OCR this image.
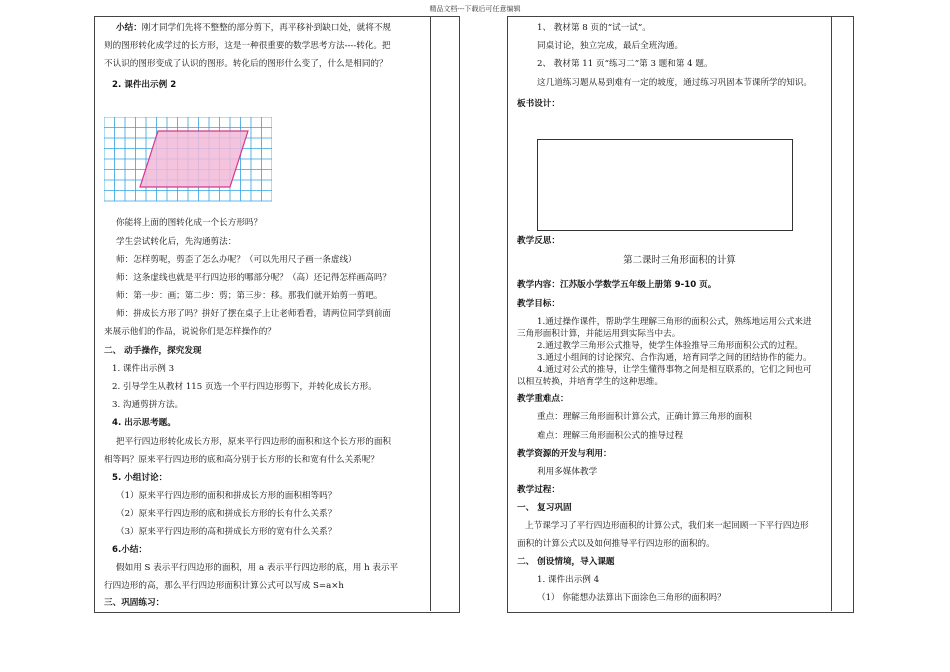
精品文档---下载后可任意编辑
小结：刚才同学们先将不整整的部分剪下，再平移补到缺口处，就将不规
则的图形转化成学过的长方形，这是一种很重要的数学思考方法----转化。把
不认识的图形变成了认识的图形。转化后的图形什么变了，什么是相同的？
2. 课件出示例 2
你能将上面的图转化成一个长方形吗？
学生尝试转化后，先沟通剪法：
师：怎样剪呢，剪歪了怎么办呢？（可以先用尺子画一条虚线）
师：这条虚线也就是平行四边形的哪部分呢？（高）还记得怎样画高吗？
师：第一步：画；第二步：剪；第三步：移。那我们就开始剪一剪吧。
师：拼成长方形了吗？拼好了摆在桌子上让老师看看，请两位同学到前面
来展示他们的作品，说说你们是怎样操作的？
二、 动手操作，探究发现
1. 课件出示例 3
2. 引导学生从教材 115 页选一个平行四边形剪下，并转化成长方形。
3. 沟通剪拼方法。
4. 出示思考题。
把平行四边形转化成长方形，原来平行四边形的面积和这个长方形的面积
相等吗？原来平行四边形的底和高分别于长方形的长和宽有什么关系呢？
5. 小组讨论：
（1）原来平行四边形的面积和拼成长方形的面积相等吗？
（2）原来平行四边形的底和拼成长方形的长有什么关系？
（3）原来平行四边形的高和拼成长方形的宽有什么关系？
6.小结：
假如用 S 表示平行四边形的面积，用 a 表示平行四边形的底，用 h 表示平
行四边形的高，那么平行四边形面积计算公式可以写成 S=a×h
三、巩固练习：
1、 教材第 8 页的“试一试”。
同桌讨论，独立完成，最后全班沟通。
2、 教材第 11 页“练习二”第 3 题和第 4 题。
这几道练习题从易到难有一定的坡度，通过练习巩固本节课所学的知识。
板书设计：
教学反思：
第二课时三角形面积的计算
教学内容：江苏版小学数学五年级上册第 9-10 页。
教学目标：
1.通过操作课件，帮助学生理解三角形的面积公式，熟练地运用公式来进
三角形面积计算，并能运用到实际当中去。
2.通过教学三角形公式推导，使学生体验推导三角形面积公式的过程。
3.通过小组间的讨论探究、合作沟通，培育同学之间的团结协作的能力。
4.通过对公式的推导，让学生懂得事物之间是相互联系的，它们之间也可
以相互转换，并培育学生的这种思维。
教学重难点：
重点：理解三角形面积计算公式，正确计算三角形的面积
难点：理解三角形面积公式的推导过程
教学资源的开发与利用：
利用多媒体教学
教学过程：
一、 复习巩固
上节课学习了平行四边形面积的计算公式，我们来一起回顾一下平行四边形
面积的计算公式以及如何推导平行四边形的面积的。
二、 创设情境，导入课题
1. 课件出示例 4
（1） 你能想办法算出下面涂色三角形的面积吗？
